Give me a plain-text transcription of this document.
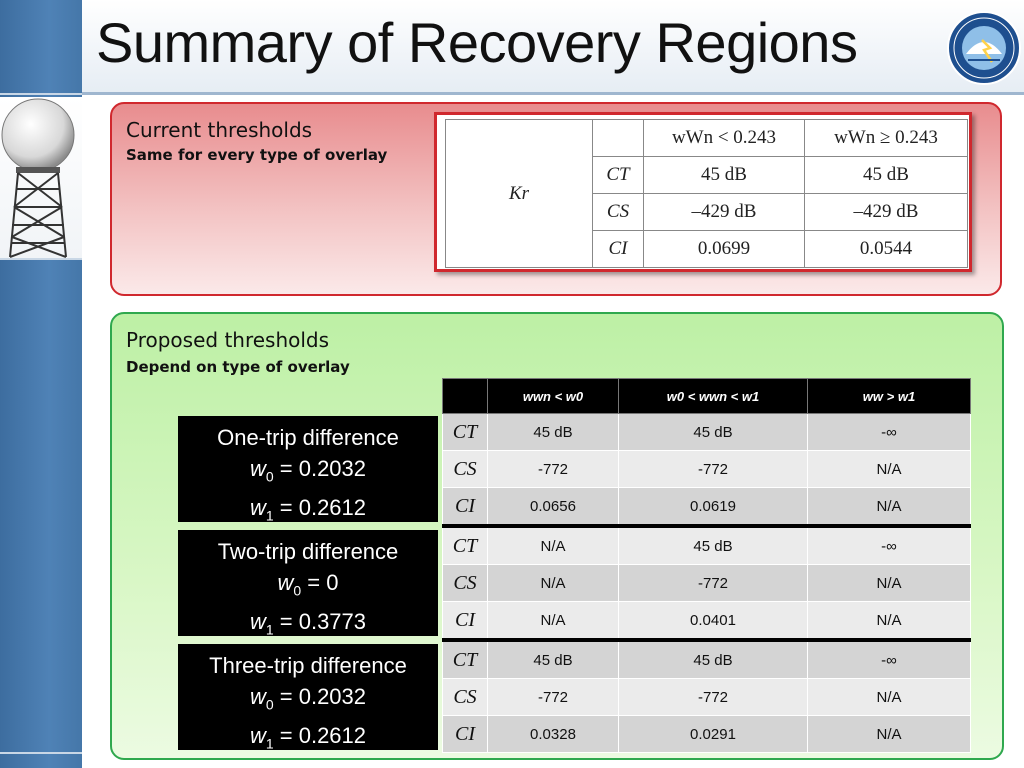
Summary of Recovery Regions
Current thresholds
Same for every type of overlay
Kr		wWn < 0.243	wWn ≥ 0.243
	CT	45 dB	45 dB
	CS	–429 dB	–429 dB
	CI	0.0699	0.0544
Proposed thresholds
Depend on type of overlay
One-trip difference
$w_0 = 0.2032$
$w_1 = 0.2612$
Two-trip difference
$w_0 = 0$
$w_1 = 0.3773$
Three-trip difference
$w_0 = 0.2032$
$w_1 = 0.2612$
	wwn < w0	w0 < wwn < w1	ww > w1
CT	45 dB	45 dB	-∞
CS	-772	-772	N/A
CI	0.0656	0.0619	N/A
CT	N/A	45 dB	-∞
CS	N/A	-772	N/A
CI	N/A	0.0401	N/A
CT	45 dB	45 dB	-∞
CS	-772	-772	N/A
CI	0.0328	0.0291	N/A
